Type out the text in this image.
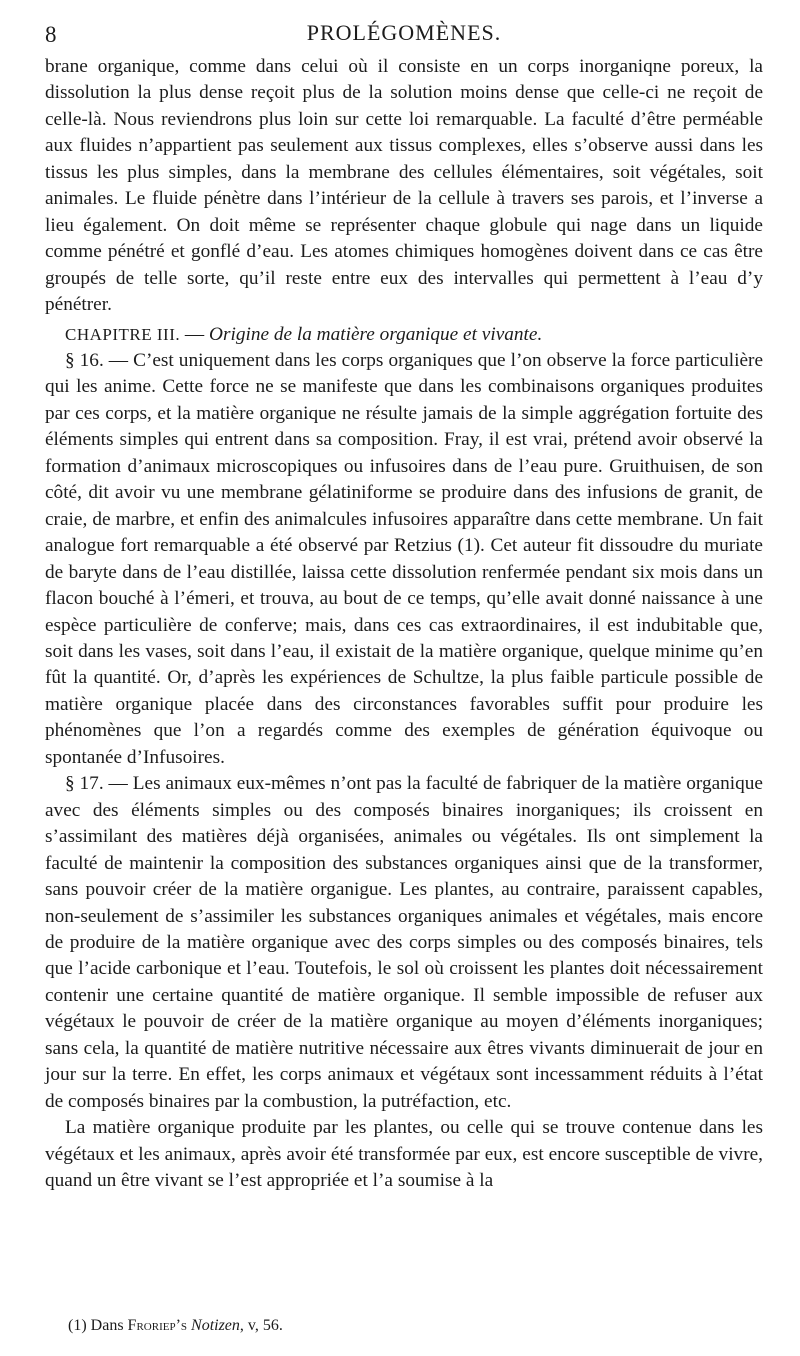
8	PROLÉGOMÈNES.

brane organique, comme dans celui où il consiste en un corps inorganiqne poreux, la dissolution la plus dense reçoit plus de la solution moins dense que celle-ci ne reçoit de celle-là. Nous reviendrons plus loin sur cette loi remarquable. La faculté d’être perméable aux fluides n’appartient pas seulement aux tissus complexes, elles s’observe aussi dans les tissus les plus simples, dans la membrane des cellules élémentaires, soit végétales, soit animales. Le fluide pénètre dans l’intérieur de la cellule à travers ses parois, et l’inverse a lieu également. On doit même se représenter chaque globule qui nage dans un liquide comme pénétré et gonflé d’eau. Les atomes chimiques homogènes doivent dans ce cas être groupés de telle sorte, qu’il reste entre eux des intervalles qui permettent à l’eau d’y pénétrer.

CHAPITRE III. — Origine de la matière organique et vivante.

§ 16. — C’est uniquement dans les corps organiques que l’on observe la force particulière qui les anime. Cette force ne se manifeste que dans les combinaisons organiques produites par ces corps, et la matière organique ne résulte jamais de la simple aggrégation fortuite des éléments simples qui entrent dans sa composition. Fray, il est vrai, prétend avoir observé la formation d’animaux microscopiques ou infusoires dans de l’eau pure. Gruithuisen, de son côté, dit avoir vu une membrane gélatiniforme se produire dans des infusions de granit, de craie, de marbre, et enfin des animalcules infusoires apparaître dans cette membrane. Un fait analogue fort remarquable a été observé par Retzius (1). Cet auteur fit dissoudre du muriate de baryte dans de l’eau distillée, laissa cette dissolution renfermée pendant six mois dans un flacon bouché à l’émeri, et trouva, au bout de ce temps, qu’elle avait donné naissance à une espèce particulière de conferve; mais, dans ces cas extraordinaires, il est indubitable que, soit dans les vases, soit dans l’eau, il existait de la matière organique, quelque minime qu’en fût la quantité. Or, d’après les expériences de Schultze, la plus faible particule possible de matière organique placée dans des circonstances favorables suffit pour produire les phénomènes que l’on a regardés comme des exemples de génération équivoque ou spontanée d’Infusoires.

§ 17. — Les animaux eux-mêmes n’ont pas la faculté de fabriquer de la matière organique avec des éléments simples ou des composés binaires inorganiques; ils croissent en s’assimilant des matières déjà organisées, animales ou végétales. Ils ont simplement la faculté de maintenir la composition des substances organiques ainsi que de la transformer, sans pouvoir créer de la matière organigue. Les plantes, au contraire, paraissent capables, non-seulement de s’assimiler les substances organiques animales et végétales, mais encore de produire de la matière organique avec des corps simples ou des composés binaires, tels que l’acide carbonique et l’eau. Toutefois, le sol où croissent les plantes doit nécessairement contenir une certaine quantité de matière organique. Il semble impossible de refuser aux végétaux le pouvoir de créer de la matière organique au moyen d’éléments inorganiques; sans cela, la quantité de matière nutritive nécessaire aux êtres vivants diminuerait de jour en jour sur la terre. En effet, les corps animaux et végétaux sont incessamment réduits à l’état de composés binaires par la combustion, la putréfaction, etc.

La matière organique produite par les plantes, ou celle qui se trouve contenue dans les végétaux et les animaux, après avoir été transformée par eux, est encore susceptible de vivre, quand un être vivant se l’est appropriée et l’a soumise à la

(1) Dans Froriep’s Notizen, v, 56.
